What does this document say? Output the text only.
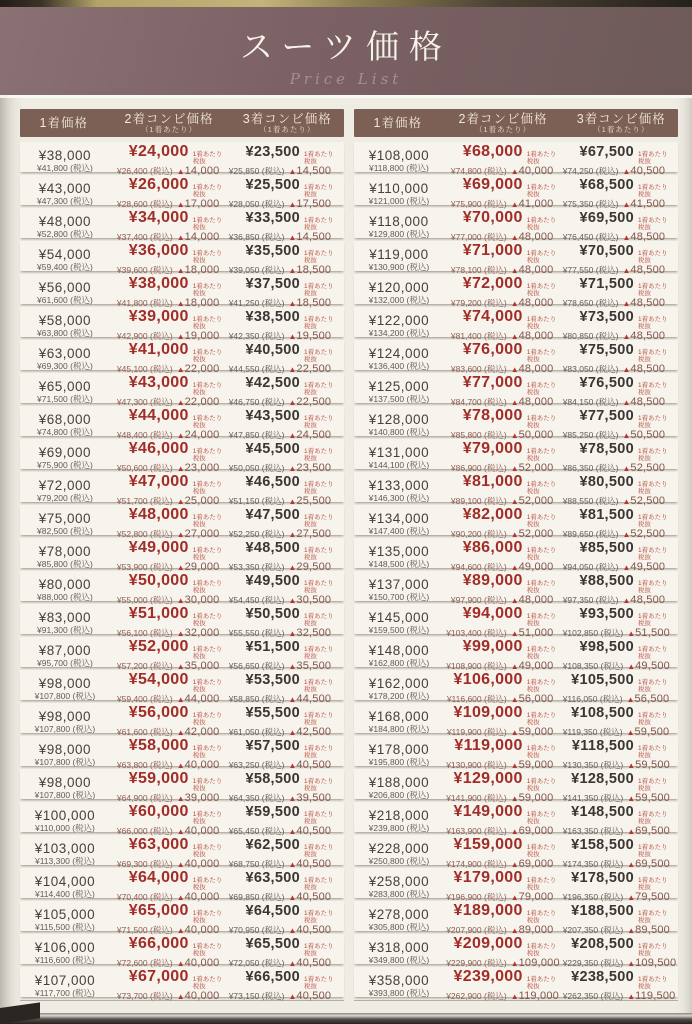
スーツ価格
Price List
1着価格	2着コンビ価格
（1着あたり）
3着コンビ価格
（1着あたり）
¥38,000
¥41,800 (税込)
¥24,000 1着あたり税抜
¥26,400 (税込) ▲14,000
¥23,500 1着あたり税抜
¥25,850 (税込) ▲14,500
¥43,000
¥47,300 (税込)
¥26,000 1着あたり税抜
¥28,600 (税込) ▲17,000
¥25,500 1着あたり税抜
¥28,050 (税込) ▲17,500
¥48,000
¥52,800 (税込)
¥34,000 1着あたり税抜
¥37,400 (税込) ▲14,000
¥33,500 1着あたり税抜
¥36,850 (税込) ▲14,500
¥54,000
¥59,400 (税込)
¥36,000 1着あたり税抜
¥39,600 (税込) ▲18,000
¥35,500 1着あたり税抜
¥39,050 (税込) ▲18,500
¥56,000
¥61,600 (税込)
¥38,000 1着あたり税抜
¥41,800 (税込) ▲18,000
¥37,500 1着あたり税抜
¥41,250 (税込) ▲18,500
¥58,000
¥63,800 (税込)
¥39,000 1着あたり税抜
¥42,900 (税込) ▲19,000
¥38,500 1着あたり税抜
¥42,350 (税込) ▲19,500
¥63,000
¥69,300 (税込)
¥41,000 1着あたり税抜
¥45,100 (税込) ▲22,000
¥40,500 1着あたり税抜
¥44,550 (税込) ▲22,500
¥65,000
¥71,500 (税込)
¥43,000 1着あたり税抜
¥47,300 (税込) ▲22,000
¥42,500 1着あたり税抜
¥46,750 (税込) ▲22,500
¥68,000
¥74,800 (税込)
¥44,000 1着あたり税抜
¥48,400 (税込) ▲24,000
¥43,500 1着あたり税抜
¥47,850 (税込) ▲24,500
¥69,000
¥75,900 (税込)
¥46,000 1着あたり税抜
¥50,600 (税込) ▲23,000
¥45,500 1着あたり税抜
¥50,050 (税込) ▲23,500
¥72,000
¥79,200 (税込)
¥47,000 1着あたり税抜
¥51,700 (税込) ▲25,000
¥46,500 1着あたり税抜
¥51,150 (税込) ▲25,500
¥75,000
¥82,500 (税込)
¥48,000 1着あたり税抜
¥52,800 (税込) ▲27,000
¥47,500 1着あたり税抜
¥52,250 (税込) ▲27,500
¥78,000
¥85,800 (税込)
¥49,000 1着あたり税抜
¥53,900 (税込) ▲29,000
¥48,500 1着あたり税抜
¥53,350 (税込) ▲29,500
¥80,000
¥88,000 (税込)
¥50,000 1着あたり税抜
¥55,000 (税込) ▲30,000
¥49,500 1着あたり税抜
¥54,450 (税込) ▲30,500
¥83,000
¥91,300 (税込)
¥51,000 1着あたり税抜
¥56,100 (税込) ▲32,000
¥50,500 1着あたり税抜
¥55,550 (税込) ▲32,500
¥87,000
¥95,700 (税込)
¥52,000 1着あたり税抜
¥57,200 (税込) ▲35,000
¥51,500 1着あたり税抜
¥56,650 (税込) ▲35,500
¥98,000
¥107,800 (税込)
¥54,000 1着あたり税抜
¥59,400 (税込) ▲44,000
¥53,500 1着あたり税抜
¥58,850 (税込) ▲44,500
¥98,000
¥107,800 (税込)
¥56,000 1着あたり税抜
¥61,600 (税込) ▲42,000
¥55,500 1着あたり税抜
¥61,050 (税込) ▲42,500
¥98,000
¥107,800 (税込)
¥58,000 1着あたり税抜
¥63,800 (税込) ▲40,000
¥57,500 1着あたり税抜
¥63,250 (税込) ▲40,500
¥98,000
¥107,800 (税込)
¥59,000 1着あたり税抜
¥64,900 (税込) ▲39,000
¥58,500 1着あたり税抜
¥64,350 (税込) ▲39,500
¥100,000
¥110,000 (税込)
¥60,000 1着あたり税抜
¥66,000 (税込) ▲40,000
¥59,500 1着あたり税抜
¥65,450 (税込) ▲40,500
¥103,000
¥113,300 (税込)
¥63,000 1着あたり税抜
¥69,300 (税込) ▲40,000
¥62,500 1着あたり税抜
¥68,750 (税込) ▲40,500
¥104,000
¥114,400 (税込)
¥64,000 1着あたり税抜
¥70,400 (税込) ▲40,000
¥63,500 1着あたり税抜
¥69,850 (税込) ▲40,500
¥105,000
¥115,500 (税込)
¥65,000 1着あたり税抜
¥71,500 (税込) ▲40,000
¥64,500 1着あたり税抜
¥70,950 (税込) ▲40,500
¥106,000
¥116,600 (税込)
¥66,000 1着あたり税抜
¥72,600 (税込) ▲40,000
¥65,500 1着あたり税抜
¥72,050 (税込) ▲40,500
¥107,000
¥117,700 (税込)
¥67,000 1着あたり税抜
¥73,700 (税込) ▲40,000
¥66,500 1着あたり税抜
¥73,150 (税込) ▲40,500
1着価格	2着コンビ価格
（1着あたり）
3着コンビ価格
（1着あたり）
¥108,000
¥118,800 (税込)
¥68,000 1着あたり税抜
¥74,800 (税込) ▲40,000
¥67,500 1着あたり税抜
¥74,250 (税込) ▲40,500
¥110,000
¥121,000 (税込)
¥69,000 1着あたり税抜
¥75,900 (税込) ▲41,000
¥68,500 1着あたり税抜
¥75,350 (税込) ▲41,500
¥118,000
¥129,800 (税込)
¥70,000 1着あたり税抜
¥77,000 (税込) ▲48,000
¥69,500 1着あたり税抜
¥76,450 (税込) ▲48,500
¥119,000
¥130,900 (税込)
¥71,000 1着あたり税抜
¥78,100 (税込) ▲48,000
¥70,500 1着あたり税抜
¥77,550 (税込) ▲48,500
¥120,000
¥132,000 (税込)
¥72,000 1着あたり税抜
¥79,200 (税込) ▲48,000
¥71,500 1着あたり税抜
¥78,650 (税込) ▲48,500
¥122,000
¥134,200 (税込)
¥74,000 1着あたり税抜
¥81,400 (税込) ▲48,000
¥73,500 1着あたり税抜
¥80,850 (税込) ▲48,500
¥124,000
¥136,400 (税込)
¥76,000 1着あたり税抜
¥83,600 (税込) ▲48,000
¥75,500 1着あたり税抜
¥83,050 (税込) ▲48,500
¥125,000
¥137,500 (税込)
¥77,000 1着あたり税抜
¥84,700 (税込) ▲48,000
¥76,500 1着あたり税抜
¥84,150 (税込) ▲48,500
¥128,000
¥140,800 (税込)
¥78,000 1着あたり税抜
¥85,800 (税込) ▲50,000
¥77,500 1着あたり税抜
¥85,250 (税込) ▲50,500
¥131,000
¥144,100 (税込)
¥79,000 1着あたり税抜
¥86,900 (税込) ▲52,000
¥78,500 1着あたり税抜
¥86,350 (税込) ▲52,500
¥133,000
¥146,300 (税込)
¥81,000 1着あたり税抜
¥89,100 (税込) ▲52,000
¥80,500 1着あたり税抜
¥88,550 (税込) ▲52,500
¥134,000
¥147,400 (税込)
¥82,000 1着あたり税抜
¥90,200 (税込) ▲52,000
¥81,500 1着あたり税抜
¥89,650 (税込) ▲52,500
¥135,000
¥148,500 (税込)
¥86,000 1着あたり税抜
¥94,600 (税込) ▲49,000
¥85,500 1着あたり税抜
¥94,050 (税込) ▲49,500
¥137,000
¥150,700 (税込)
¥89,000 1着あたり税抜
¥97,900 (税込) ▲48,000
¥88,500 1着あたり税抜
¥97,350 (税込) ▲48,500
¥145,000
¥159,500 (税込)
¥94,000 1着あたり税抜
¥103,400 (税込) ▲51,000
¥93,500 1着あたり税抜
¥102,850 (税込) ▲51,500
¥148,000
¥162,800 (税込)
¥99,000 1着あたり税抜
¥108,900 (税込) ▲49,000
¥98,500 1着あたり税抜
¥108,350 (税込) ▲49,500
¥162,000
¥178,200 (税込)
¥106,000 1着あたり税抜
¥116,600 (税込) ▲56,000
¥105,500 1着あたり税抜
¥116,050 (税込) ▲56,500
¥168,000
¥184,800 (税込)
¥109,000 1着あたり税抜
¥119,900 (税込) ▲59,000
¥108,500 1着あたり税抜
¥119,350 (税込) ▲59,500
¥178,000
¥195,800 (税込)
¥119,000 1着あたり税抜
¥130,900 (税込) ▲59,000
¥118,500 1着あたり税抜
¥130,350 (税込) ▲59,500
¥188,000
¥206,800 (税込)
¥129,000 1着あたり税抜
¥141,900 (税込) ▲59,000
¥128,500 1着あたり税抜
¥141,350 (税込) ▲59,500
¥218,000
¥239,800 (税込)
¥149,000 1着あたり税抜
¥163,900 (税込) ▲69,000
¥148,500 1着あたり税抜
¥163,350 (税込) ▲69,500
¥228,000
¥250,800 (税込)
¥159,000 1着あたり税抜
¥174,900 (税込) ▲69,000
¥158,500 1着あたり税抜
¥174,350 (税込) ▲69,500
¥258,000
¥283,800 (税込)
¥179,000 1着あたり税抜
¥196,900 (税込) ▲79,000
¥178,500 1着あたり税抜
¥196,350 (税込) ▲79,500
¥278,000
¥305,800 (税込)
¥189,000 1着あたり税抜
¥207,900 (税込) ▲89,000
¥188,500 1着あたり税抜
¥207,350 (税込) ▲89,500
¥318,000
¥349,800 (税込)
¥209,000 1着あたり税抜
¥229,900 (税込) ▲109,000
¥208,500 1着あたり税抜
¥229,350 (税込) ▲109,500
¥358,000
¥393,800 (税込)
¥239,000 1着あたり税抜
¥262,900 (税込) ▲119,000
¥238,500 1着あたり税抜
¥262,350 (税込) ▲119,500
